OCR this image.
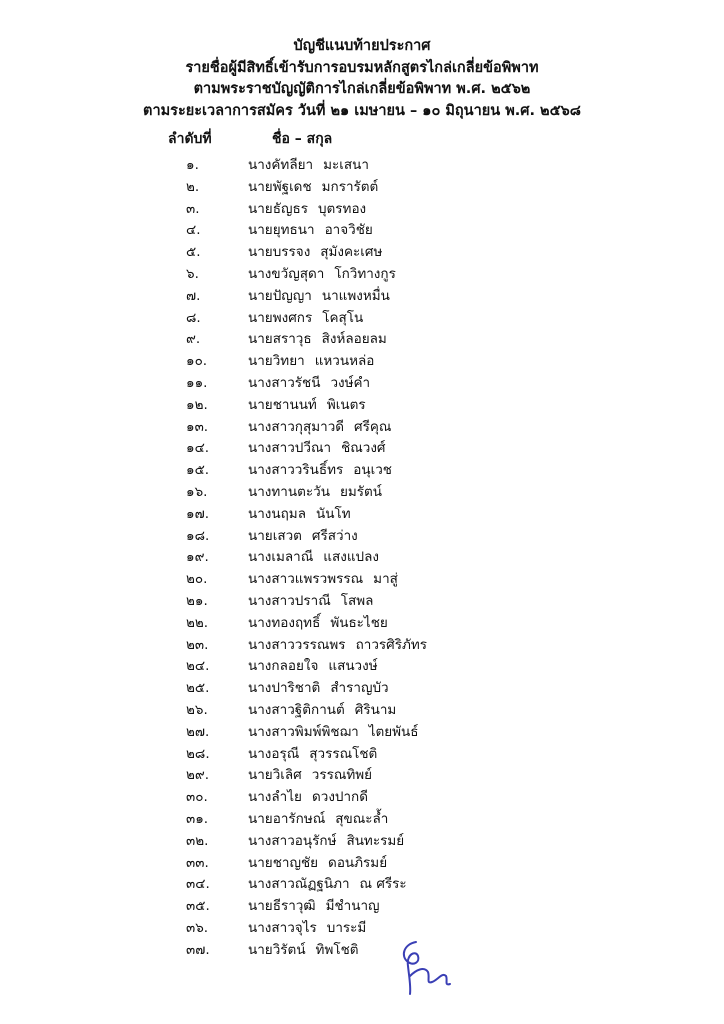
บัญชีแนบท้ายประกาศ
รายชื่อผู้มีสิทธิ์เข้ารับการอบรมหลักสูตรไกล่เกลี่ยข้อพิพาท
ตามพระราชบัญญัติการไกล่เกลี่ยข้อพิพาท พ.ศ. ๒๕๖๒
ตามระยะเวลาการสมัคร วันที่ ๒๑ เมษายน – ๑๐ มิถุนายน พ.ศ. ๒๕๖๘
ลำดับที่	ชื่อ – สกุล
๑.	นางคัทลียา มะเสนา
๒.	นายพัฐเดช มกรารัตต์
๓.	นายธัญธร บุตรทอง
๔.	นายยุทธนา อาจวิชัย
๕.	นายบรรจง สุมังคะเศษ
๖.	นางขวัญสุดา โกวิทางกูร
๗.	นายปัญญา นาแพงหมื่น
๘.	นายพงศกร โคสุโน
๙.	นายสราวุธ สิงห์ลอยลม
๑๐.	นายวิทยา แหวนหล่อ
๑๑.	นางสาวรัชนี วงษ์คำ
๑๒.	นายชานนท์ พิเนตร
๑๓.	นางสาวกุสุมาวดี ศรีคุณ
๑๔.	นางสาวปวีณา ชิณวงศ์
๑๕.	นางสาววรินธิ์ทร อนุเวช
๑๖.	นางทานตะวัน ยมรัตน์
๑๗.	นางนฤมล นันโท
๑๘.	นายเสวต ศรีสว่าง
๑๙.	นางเมลาณี แสงแปลง
๒๐.	นางสาวแพรวพรรณ มาสู่
๒๑.	นางสาวปราณี โสพล
๒๒.	นางทองฤทธิ์ พันธะไชย
๒๓.	นางสาววรรณพร ถาวรศิริภัทร
๒๔.	นางกลอยใจ แสนวงษ์
๒๕.	นางปาริชาติ สำราญบัว
๒๖.	นางสาวฐิติกานต์ ศิรินาม
๒๗.	นางสาวพิมพ์พิชฌา ไตยพันธ์
๒๘.	นางอรุณี สุวรรณโชติ
๒๙.	นายวิเลิศ วรรณทิพย์
๓๐.	นางลำไย ดวงปากดี
๓๑.	นายอารักษณ์ สุขณะล้ำ
๓๒.	นางสาวอนุรักษ์ สินทะรมย์
๓๓.	นายชาญชัย ดอนภิรมย์
๓๔.	นางสาวณัฏฐนิภา ณ ศรีระ
๓๕.	นายธีราวุฒิ มีชำนาญ
๓๖.	นางสาวจุไร บาระมี
๓๗.	นายวิรัตน์ ทิพโชติ
